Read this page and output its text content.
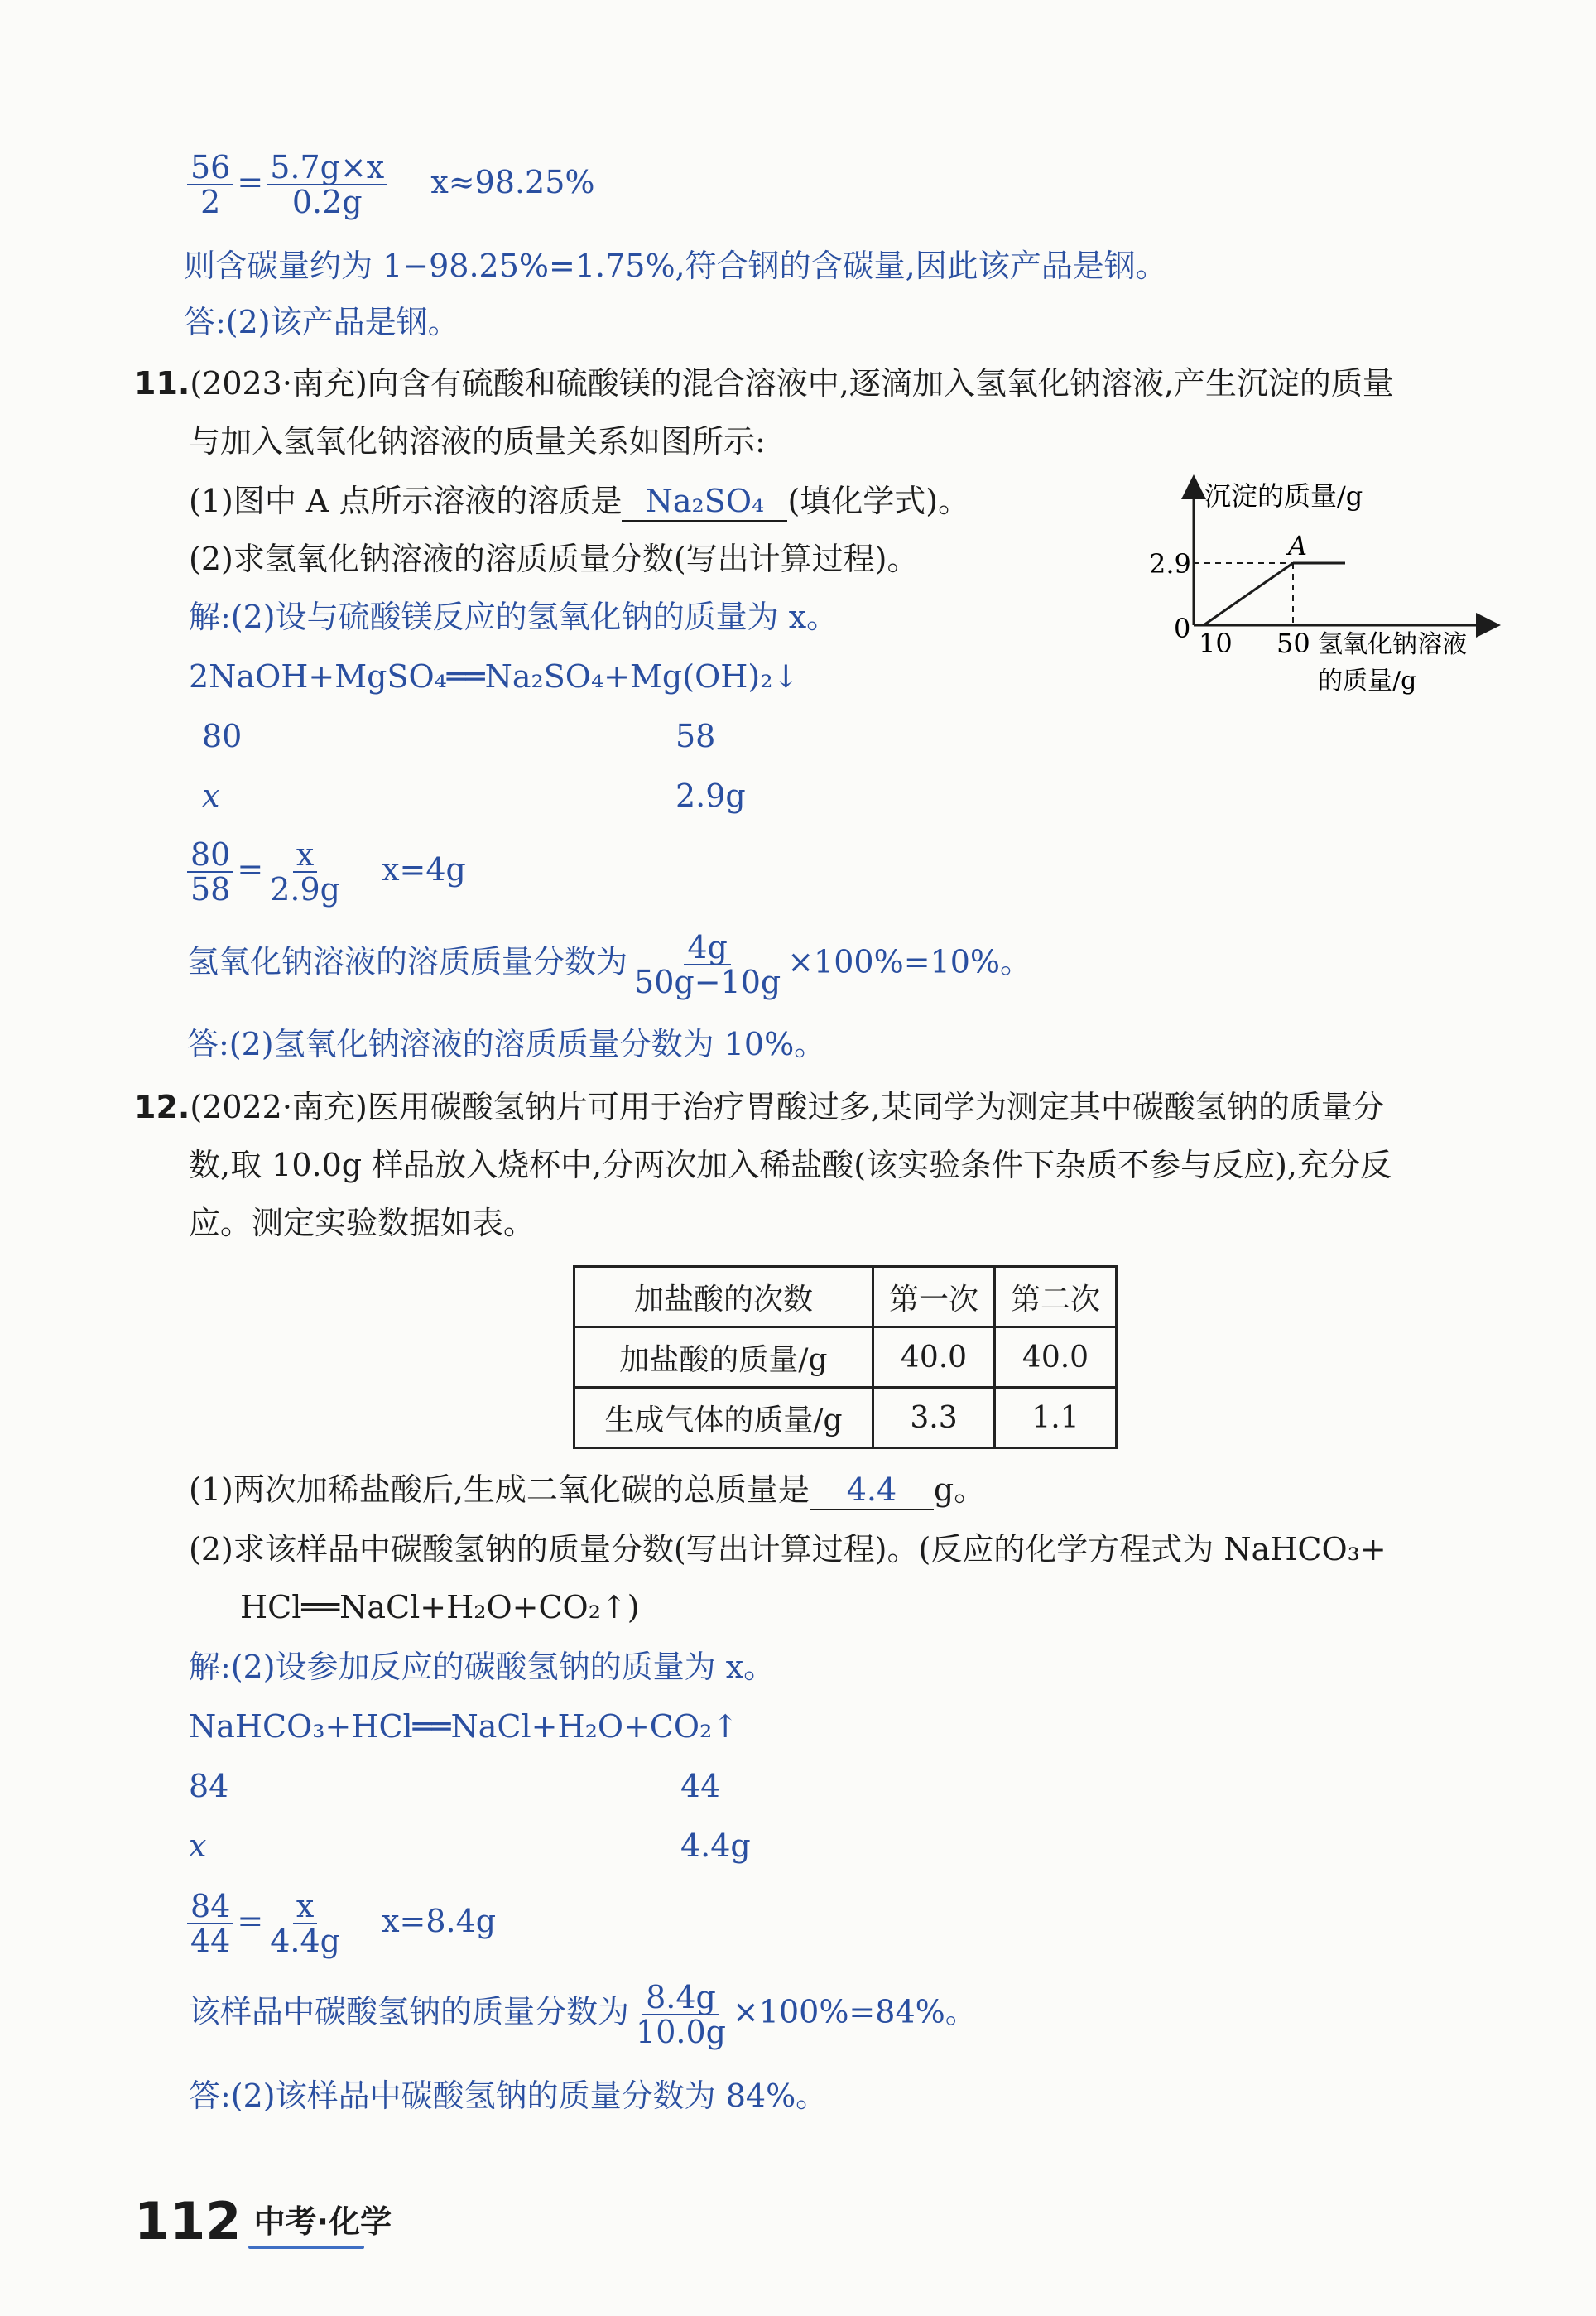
$\frac{56}{2} = \frac{5.7g\times x}{0.2g} x\approx 98.25\%$
则含碳量约为 1−98.25%=1.75%,符合钢的含碳量,因此该产品是钢。
答:(2)该产品是钢。
11.(2023·南充)向含有硫酸和硫酸镁的混合溶液中,逐滴加入氢氧化钠溶液,产生沉淀的质量
与加入氢氧化钠溶液的质量关系如图所示:
(1)图中 A 点所示溶液的溶质是 Na₂SO₄ (填化学式)。
(2)求氢氧化钠溶液的溶质质量分数(写出计算过程)。
解:(2)设与硫酸镁反应的氢氧化钠的质量为 x。
2NaOH+MgSO₄══Na₂SO₄+Mg(OH)₂↓
80	58
x	2.9g
$\frac{80}{58} = \frac{x}{2.9g} x=4g$
氢氧化钠溶液的溶质质量分数为 $\frac{4g}{50g-10g} \times 100\%=10\%$。
答:(2)氢氧化钠溶液的溶质质量分数为 10%。
沉淀的质量/g
2.9
0 10 50
A
氢氧化钠溶液
的质量/g
12.(2022·南充)医用碳酸氢钠片可用于治疗胃酸过多,某同学为测定其中碳酸氢钠的质量分
数,取 10.0g 样品放入烧杯中,分两次加入稀盐酸(该实验条件下杂质不参与反应),充分反
应。测定实验数据如表。
加盐酸的次数	第一次	第二次
加盐酸的质量/g	40.0	40.0
生成气体的质量/g	3.3	1.1
(1)两次加稀盐酸后,生成二氧化碳的总质量是 4.4 g。
(2)求该样品中碳酸氢钠的质量分数(写出计算过程)。(反应的化学方程式为 NaHCO₃+
HCl══NaCl+H₂O+CO₂↑)
解:(2)设参加反应的碳酸氢钠的质量为 x。
NaHCO₃+HCl══NaCl+H₂O+CO₂↑
84	44
x	4.4g
$\frac{84}{44} = \frac{x}{4.4g} x=8.4g$
该样品中碳酸氢钠的质量分数为 $\frac{8.4g}{10.0g} \times 100\%=84\%$。
答:(2)该样品中碳酸氢钠的质量分数为 84%。
112 中考·化学
